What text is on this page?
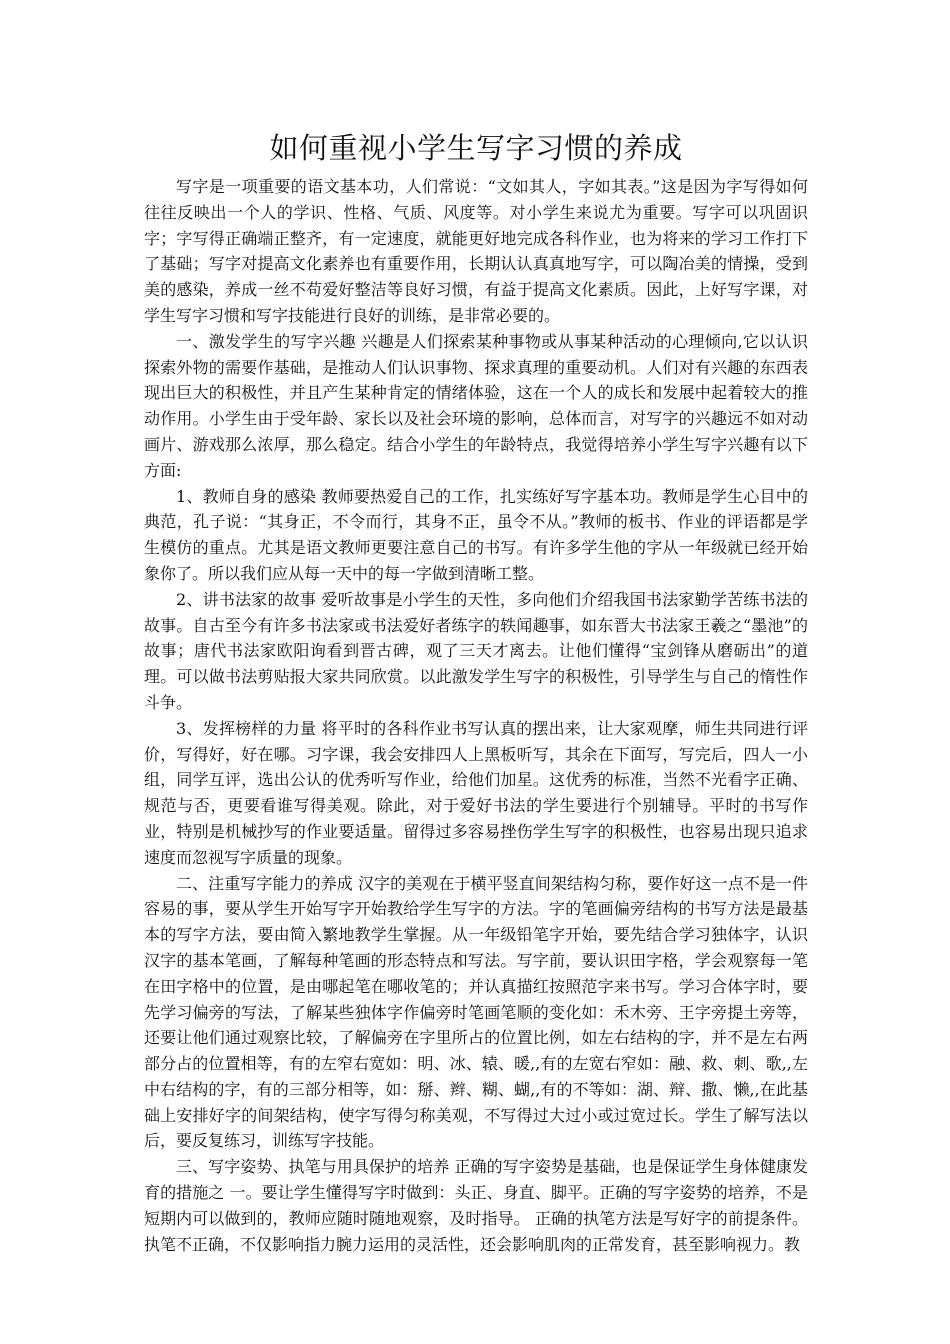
如何重视小学生写字习惯的养成

写字是一项重要的语文基本功，人们常说：“文如其人，字如其表。”这是因为字写得如何往往反映出一个人的学识、性格、气质、风度等。对小学生来说尤为重要。写字可以巩固识字；字写得正确端正整齐，有一定速度，就能更好地完成各科作业，也为将来的学习工作打下了基础；写字对提高文化素养也有重要作用，长期认认真真地写字，可以陶冶美的情操，受到美的感染，养成一丝不苟爱好整洁等良好习惯，有益于提高文化素质。因此，上好写字课，对学生写字习惯和写字技能进行良好的训练，是非常必要的。

一、激发学生的写字兴趣 兴趣是人们探索某种事物或从事某种活动的心理倾向,它以认识探索外物的需要作基础，是推动人们认识事物、探求真理的重要动机。人们对有兴趣的东西表现出巨大的积极性，并且产生某种肯定的情绪体验，这在一个人的成长和发展中起着较大的推动作用。小学生由于受年龄、家长以及社会环境的影响，总体而言，对写字的兴趣远不如对动画片、游戏那么浓厚，那么稳定。结合小学生的年龄特点，我觉得培养小学生写字兴趣有以下方面:

1、教师自身的感染 教师要热爱自己的工作，扎实练好写字基本功。教师是学生心目中的典范，孔子说：“其身正，不令而行，其身不正，虽令不从。”教师的板书、作业的评语都是学生模仿的重点。尤其是语文教师更要注意自己的书写。有许多学生他的字从一年级就已经开始象你了。所以我们应从每一天中的每一字做到清晰工整。

2、讲书法家的故事 爱听故事是小学生的天性，多向他们介绍我国书法家勤学苦练书法的故事。自古至今有许多书法家或书法爱好者练字的轶闻趣事，如东晋大书法家王羲之“墨池”的故事；唐代书法家欧阳询看到晋古碑，观了三天才离去。让他们懂得“宝剑锋从磨砺出”的道理。可以做书法剪贴报大家共同欣赏。以此激发学生写字的积极性，引导学生与自己的惰性作斗争。

3、发挥榜样的力量 将平时的各科作业书写认真的摆出来，让大家观摩，师生共同进行评价，写得好，好在哪。习字课，我会安排四人上黑板听写，其余在下面写，写完后，四人一小组，同学互评，选出公认的优秀听写作业，给他们加星。这优秀的标准，当然不光看字正确、规范与否，更要看谁写得美观。除此，对于爱好书法的学生要进行个别辅导。平时的书写作业，特别是机械抄写的作业要适量。留得过多容易挫伤学生写字的积极性，也容易出现只追求速度而忽视写字质量的现象。

二、注重写字能力的养成 汉字的美观在于横平竖直间架结构匀称，要作好这一点不是一件容易的事，要从学生开始写字开始教给学生写字的方法。字的笔画偏旁结构的书写方法是最基本的写字方法，要由简入繁地教学生掌握。从一年级铅笔字开始，要先结合学习独体字，认识汉字的基本笔画，了解每种笔画的形态特点和写法。写字前，要认识田字格，学会观察每一笔在田字格中的位置，是由哪起笔在哪收笔的；并认真描红按照范字来书写。学习合体字时，要先学习偏旁的写法，了解某些独体字作偏旁时笔画笔顺的变化如：禾木旁、王字旁提土旁等，还要让他们通过观察比较，了解偏旁在字里所占的位置比例，如左右结构的字，并不是左右两部分占的位置相等，有的左窄右宽如：明、冰、辕、暖,,有的左宽右窄如：融、救、刺、歌,,左中右结构的字，有的三部分相等，如：掰、辫、糊、蝴,,有的不等如：湖、辩、撒、懒,,在此基础上安排好字的间架结构，使字写得匀称美观，不写得过大过小或过宽过长。学生了解写法以后，要反复练习，训练写字技能。

三、写字姿势、执笔与用具保护的培养 正确的写字姿势是基础，也是保证学生身体健康发育的措施之 一。要让学生懂得写字时做到：头正、身直、脚平。正确的写字姿势的培养，不是短期内可以做到的，教师应随时随地观察，及时指导。 正确的执笔方法是写好字的前提条件。执笔不正确，不仅影响指力腕力运用的灵活性，还会影响肌肉的正常发育，甚至影响视力。教
